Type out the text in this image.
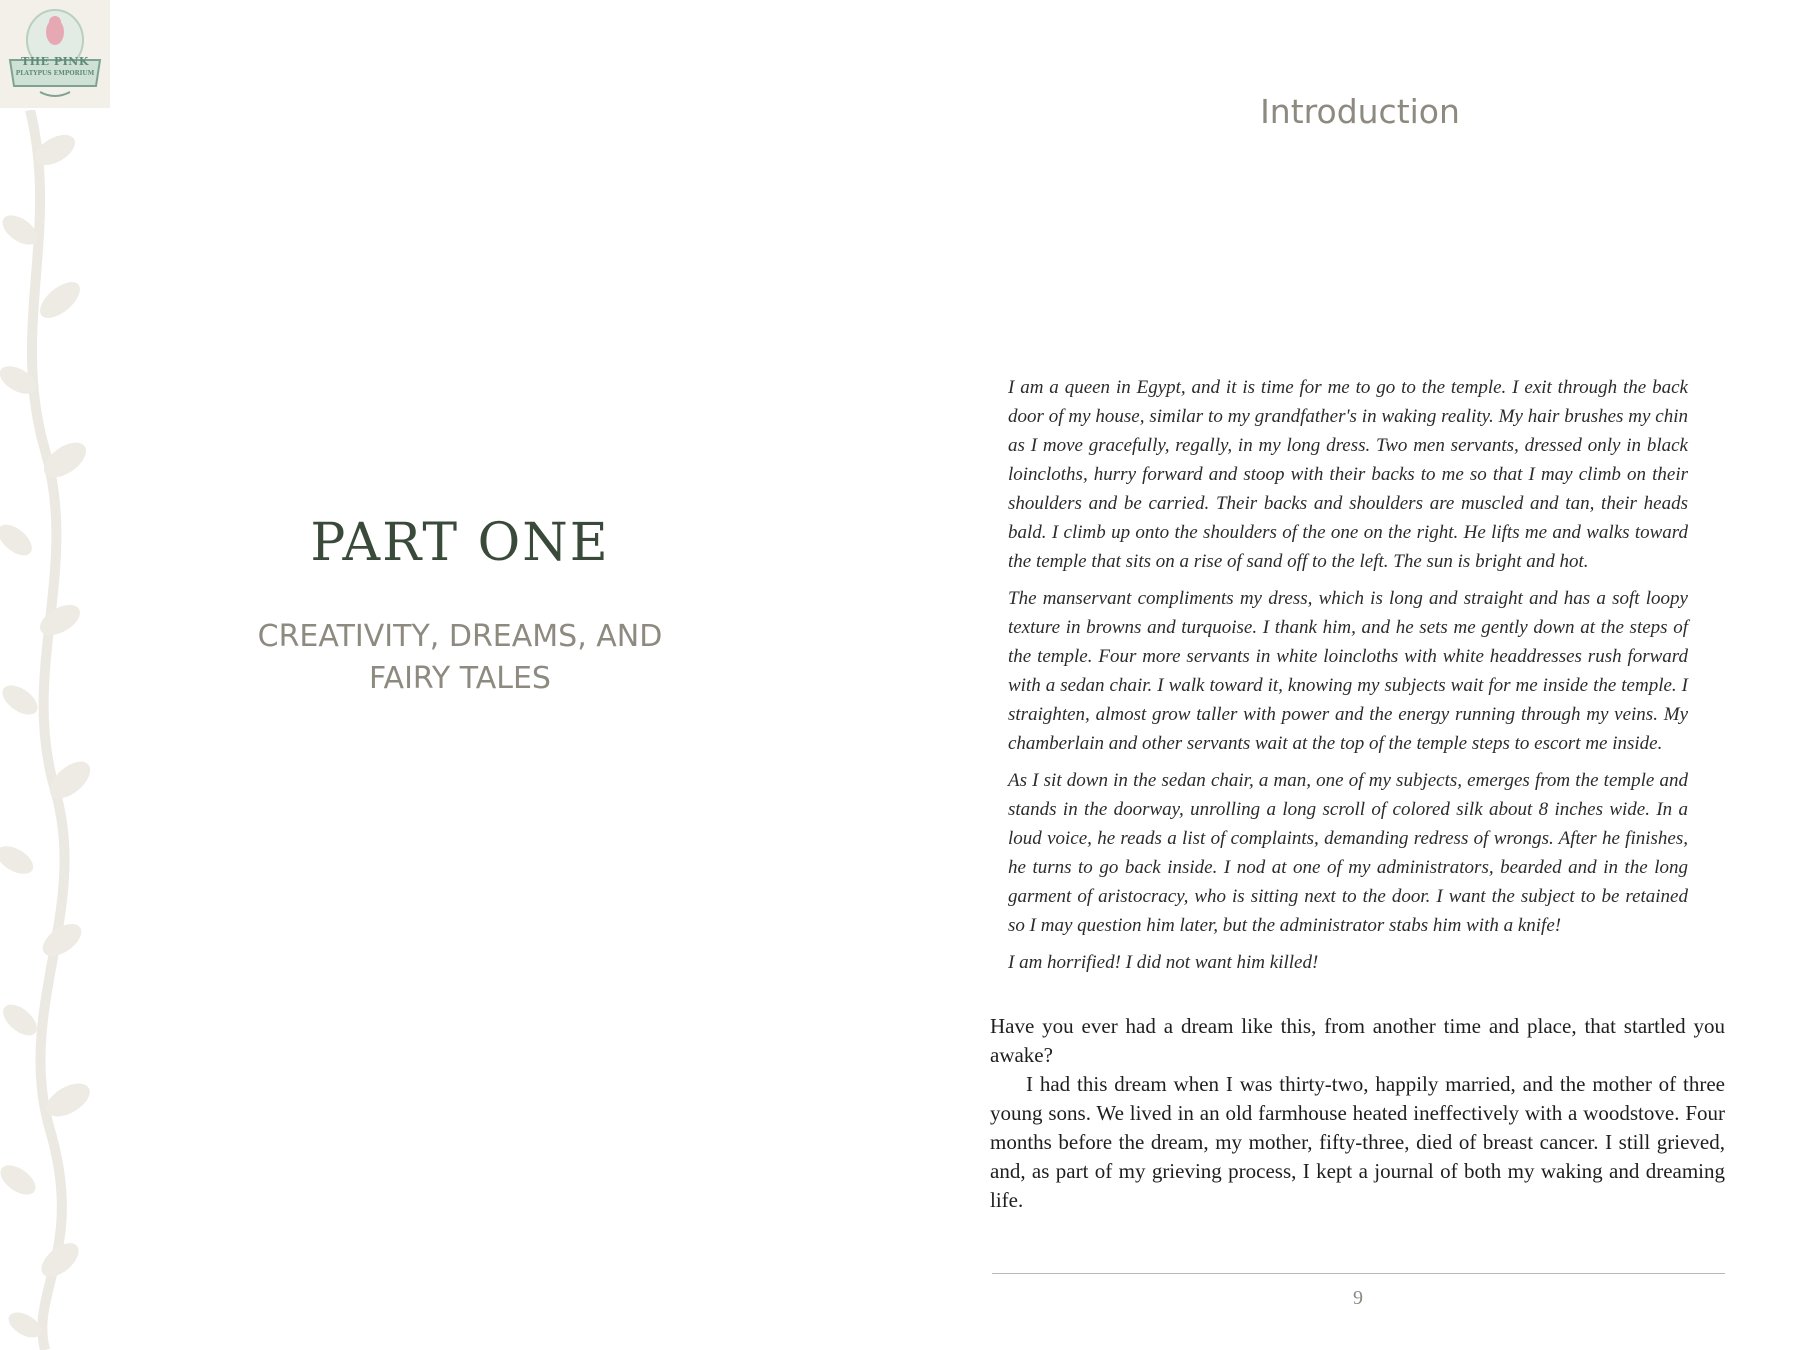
THE PINK
PLATYPUS EMPORIUM
PART ONE
CREATIVITY, DREAMS, AND
FAIRY TALES
Introduction

I am a queen in Egypt, and it is time for me to go to the temple. I exit through the back door of my house, similar to my grandfather's in waking reality. My hair brushes my chin as I move gracefully, regally, in my long dress. Two men servants, dressed only in black loincloths, hurry forward and stoop with their backs to me so that I may climb on their shoulders and be carried. Their backs and shoulders are muscled and tan, their heads bald. I climb up onto the shoulders of the one on the right. He lifts me and walks toward the temple that sits on a rise of sand off to the left. The sun is bright and hot.

The manservant compliments my dress, which is long and straight and has a soft loopy texture in browns and turquoise. I thank him, and he sets me gently down at the steps of the temple. Four more servants in white loincloths with white headdresses rush forward with a sedan chair. I walk toward it, knowing my subjects wait for me inside the temple. I straighten, almost grow taller with power and the energy running through my veins. My chamberlain and other servants wait at the top of the temple steps to escort me inside.

As I sit down in the sedan chair, a man, one of my subjects, emerges from the temple and stands in the doorway, unrolling a long scroll of colored silk about 8 inches wide. In a loud voice, he reads a list of complaints, demanding redress of wrongs. After he finishes, he turns to go back inside. I nod at one of my administrators, bearded and in the long garment of aristocracy, who is sitting next to the door. I want the subject to be retained so I may question him later, but the administrator stabs him with a knife!

I am horrified! I did not want him killed!

Have you ever had a dream like this, from another time and place, that startled you awake?

I had this dream when I was thirty-two, happily married, and the mother of three young sons. We lived in an old farmhouse heated ineffectively with a woodstove. Four months before the dream, my mother, fifty-three, died of breast cancer. I still grieved, and, as part of my grieving process, I kept a journal of both my waking and dreaming life.

9
